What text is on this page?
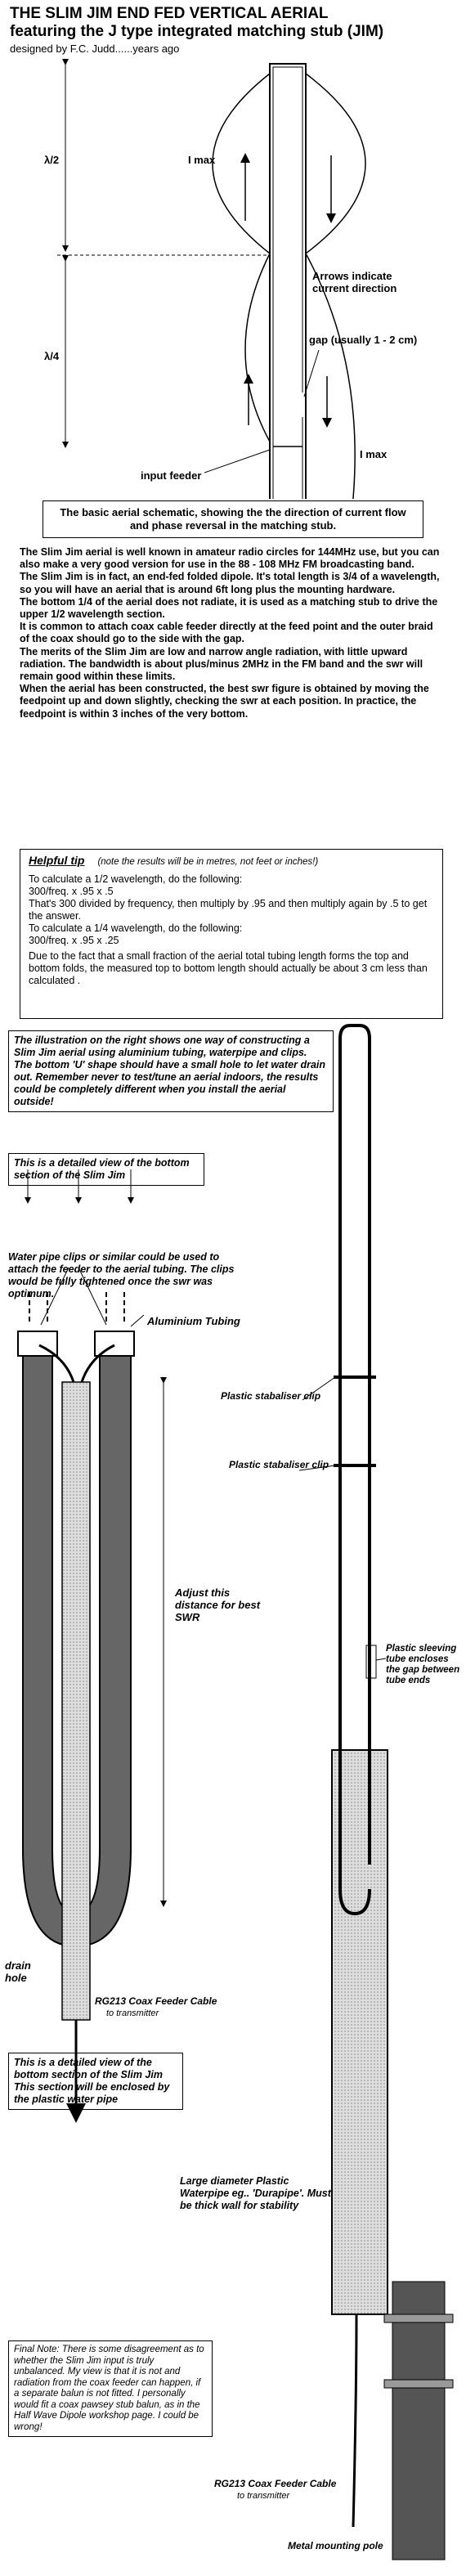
THE SLIM JIM END FED VERTICAL AERIAL
featuring the J type integrated matching stub (JIM)
designed by F.C. Judd......years ago
λ/2
λ/4
I max
I max
Arrows indicate current direction
gap (usually 1 - 2 cm)
input feeder
The basic aerial schematic, showing the the direction of current flow and phase reversal in the matching stub.

The Slim Jim aerial is well known in amateur radio circles for 144MHz use, but you can also make a very good version for use in the 88 - 108 MHz FM broadcasting band.

The Slim Jim is in fact, an end-fed folded dipole. It's total length is 3/4 of a wavelength, so you will have an aerial that is around 6ft long plus the mounting hardware.

The bottom 1/4 of the aerial does not radiate, it is used as a matching stub to drive the upper 1/2 wavelength section.

It is common to attach coax cable feeder directly at the feed point and the outer braid of the coax should go to the side with the gap.

The merits of the Slim Jim are low and narrow angle radiation, with little upward radiation. The bandwidth is about plus/minus 2MHz in the FM band and the swr will remain good within these limits.

When the aerial has been constructed, the best swr figure is obtained by moving the feedpoint up and down slightly, checking the swr at each position. In practice, the feedpoint is within 3 inches of the very bottom.

Helpful tip (note the results will be in metres, not feet or inches!)

To calculate a 1/2 wavelength, do the following:

300/freq. x .95 x .5

That's 300 divided by frequency, then multiply by .95 and then multiply again by .5 to get the answer.

To calculate a 1/4 wavelength, do the following:

300/freq. x .95 x .25

Due to the fact that a small fraction of the aerial total tubing length forms the top and bottom folds, the measured top to bottom length should actually be about 3 cm less than calculated .

The illustration on the right shows one way of constructing a Slim Jim aerial using aluminium tubing, waterpipe and clips. The bottom 'U' shape should have a small hole to let water drain out. Remember never to test/tune an aerial indoors, the results could be completely different when you install the aerial outside!
This is a detailed view of the bottom section of the Slim Jim
Water pipe clips or similar could be used to attach the feeder to the aerial tubing. The clips would be fully tightened once the swr was optimum.
Aluminium Tubing
Adjust this distance for best SWR
drain hole
RG213 Coax Feeder Cable
to transmitter
This is a detailed view of the bottom section of the Slim Jim This section will be enclosed by the plastic water pipe
Plastic stabaliser clip
Plastic stabaliser clip
Plastic sleeving tube encloses the gap between tube ends
Large diameter Plastic Waterpipe eg.. 'Durapipe'. Must be thick wall for stability
RG213 Coax Feeder Cable
to transmitter
Metal mounting pole
Final Note: There is some disagreement as to whether the Slim Jim input is truly unbalanced. My view is that it is not and radiation from the coax feeder can happen, if a separate balun is not fitted. I personally would fit a coax pawsey stub balun, as in the Half Wave Dipole workshop page. I could be wrong!
